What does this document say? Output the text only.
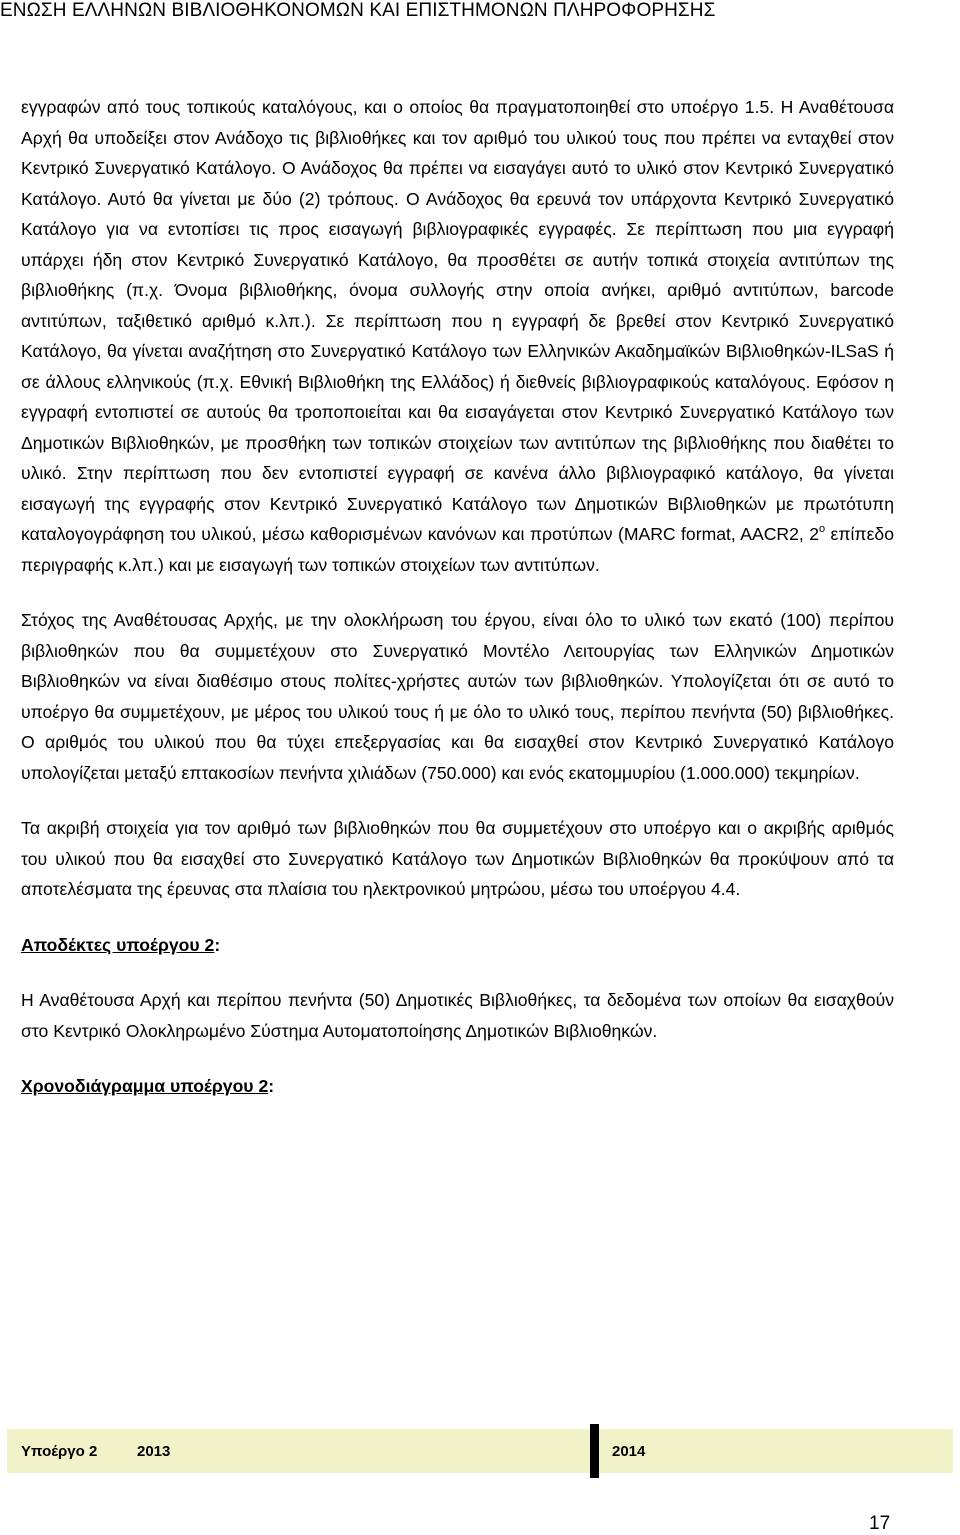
ΕΝΩΣΗ ΕΛΛΗΝΩΝ ΒΙΒΛΙΟΘΗΚΟΝΟΜΩΝ ΚΑΙ ΕΠΙΣΤΗΜΟΝΩΝ ΠΛΗΡΟΦΟΡΗΣΗΣ

εγγραφών από τους τοπικούς καταλόγους, και ο οποίος θα πραγματοποιηθεί στο υποέργο 1.5. Η Αναθέτουσα Αρχή θα υποδείξει στον Ανάδοχο τις βιβλιοθήκες και τον αριθμό του υλικού τους που πρέπει να ενταχθεί στον Κεντρικό Συνεργατικό Κατάλογο. Ο Ανάδοχος θα πρέπει να εισαγάγει αυτό το υλικό στον Κεντρικό Συνεργατικό Κατάλογο. Αυτό θα γίνεται με δύο (2) τρόπους. Ο Ανάδοχος θα ερευνά τον υπάρχοντα Κεντρικό Συνεργατικό Κατάλογο για να εντοπίσει τις προς εισαγωγή βιβλιογραφικές εγγραφές. Σε περίπτωση που μια εγγραφή υπάρχει ήδη στον Κεντρικό Συνεργατικό Κατάλογο, θα προσθέτει σε αυτήν τοπικά στοιχεία αντιτύπων της βιβλιοθήκης (π.χ. Όνομα βιβλιοθήκης, όνομα συλλογής στην οποία ανήκει, αριθμό αντιτύπων, barcode αντιτύπων, ταξιθετικό αριθμό κ.λπ.). Σε περίπτωση που η εγγραφή δε βρεθεί στον Κεντρικό Συνεργατικό Κατάλογο, θα γίνεται αναζήτηση στο Συνεργατικό Κατάλογο των Ελληνικών Ακαδημαϊκών Βιβλιοθηκών-ILSaS ή σε άλλους ελληνικούς (π.χ. Εθνική Βιβλιοθήκη της Ελλάδος) ή διεθνείς βιβλιογραφικούς καταλόγους. Εφόσον η εγγραφή εντοπιστεί σε αυτούς θα τροποποιείται και θα εισαγάγεται στον Κεντρικό Συνεργατικό Κατάλογο των Δημοτικών Βιβλιοθηκών, με προσθήκη των τοπικών στοιχείων των αντιτύπων της βιβλιοθήκης που διαθέτει το υλικό. Στην περίπτωση που δεν εντοπιστεί εγγραφή σε κανένα άλλο βιβλιογραφικό κατάλογο, θα γίνεται εισαγωγή της εγγραφής στον Κεντρικό Συνεργατικό Κατάλογο των Δημοτικών Βιβλιοθηκών με πρωτότυπη καταλογογράφηση του υλικού, μέσω καθορισμένων κανόνων και προτύπων (MARC format, AACR2, $2^o$ επίπεδο περιγραφής κ.λπ.) και με εισαγωγή των τοπικών στοιχείων των αντιτύπων.

Στόχος της Αναθέτουσας Αρχής, με την ολοκλήρωση του έργου, είναι όλο το υλικό των εκατό (100) περίπου βιβλιοθηκών που θα συμμετέχουν στο Συνεργατικό Μοντέλο Λειτουργίας των Ελληνικών Δημοτικών Βιβλιοθηκών να είναι διαθέσιμο στους πολίτες-χρήστες αυτών των βιβλιοθηκών. Υπολογίζεται ότι σε αυτό το υποέργο θα συμμετέχουν, με μέρος του υλικού τους ή με όλο το υλικό τους, περίπου πενήντα (50) βιβλιοθήκες. Ο αριθμός του υλικού που θα τύχει επεξεργασίας και θα εισαχθεί στον Κεντρικό Συνεργατικό Κατάλογο υπολογίζεται μεταξύ επτακοσίων πενήντα χιλιάδων (750.000) και ενός εκατομμυρίου (1.000.000) τεκμηρίων.

Τα ακριβή στοιχεία για τον αριθμό των βιβλιοθηκών που θα συμμετέχουν στο υποέργο και ο ακριβής αριθμός του υλικού που θα εισαχθεί στο Συνεργατικό Κατάλογο των Δημοτικών Βιβλιοθηκών θα προκύψουν από τα αποτελέσματα της έρευνας στα πλαίσια του ηλεκτρονικού μητρώου, μέσω του υποέργου 4.4.

Αποδέκτες υποέργου 2:

Η Αναθέτουσα Αρχή και περίπου πενήντα (50) Δημοτικές Βιβλιοθήκες, τα δεδομένα των οποίων θα εισαχθούν στο Κεντρικό Ολοκληρωμένο Σύστημα Αυτοματοποίησης Δημοτικών Βιβλιοθηκών.

Χρονοδιάγραμμα υποέργου 2:

Υποέργο 2	2013	2014
17
